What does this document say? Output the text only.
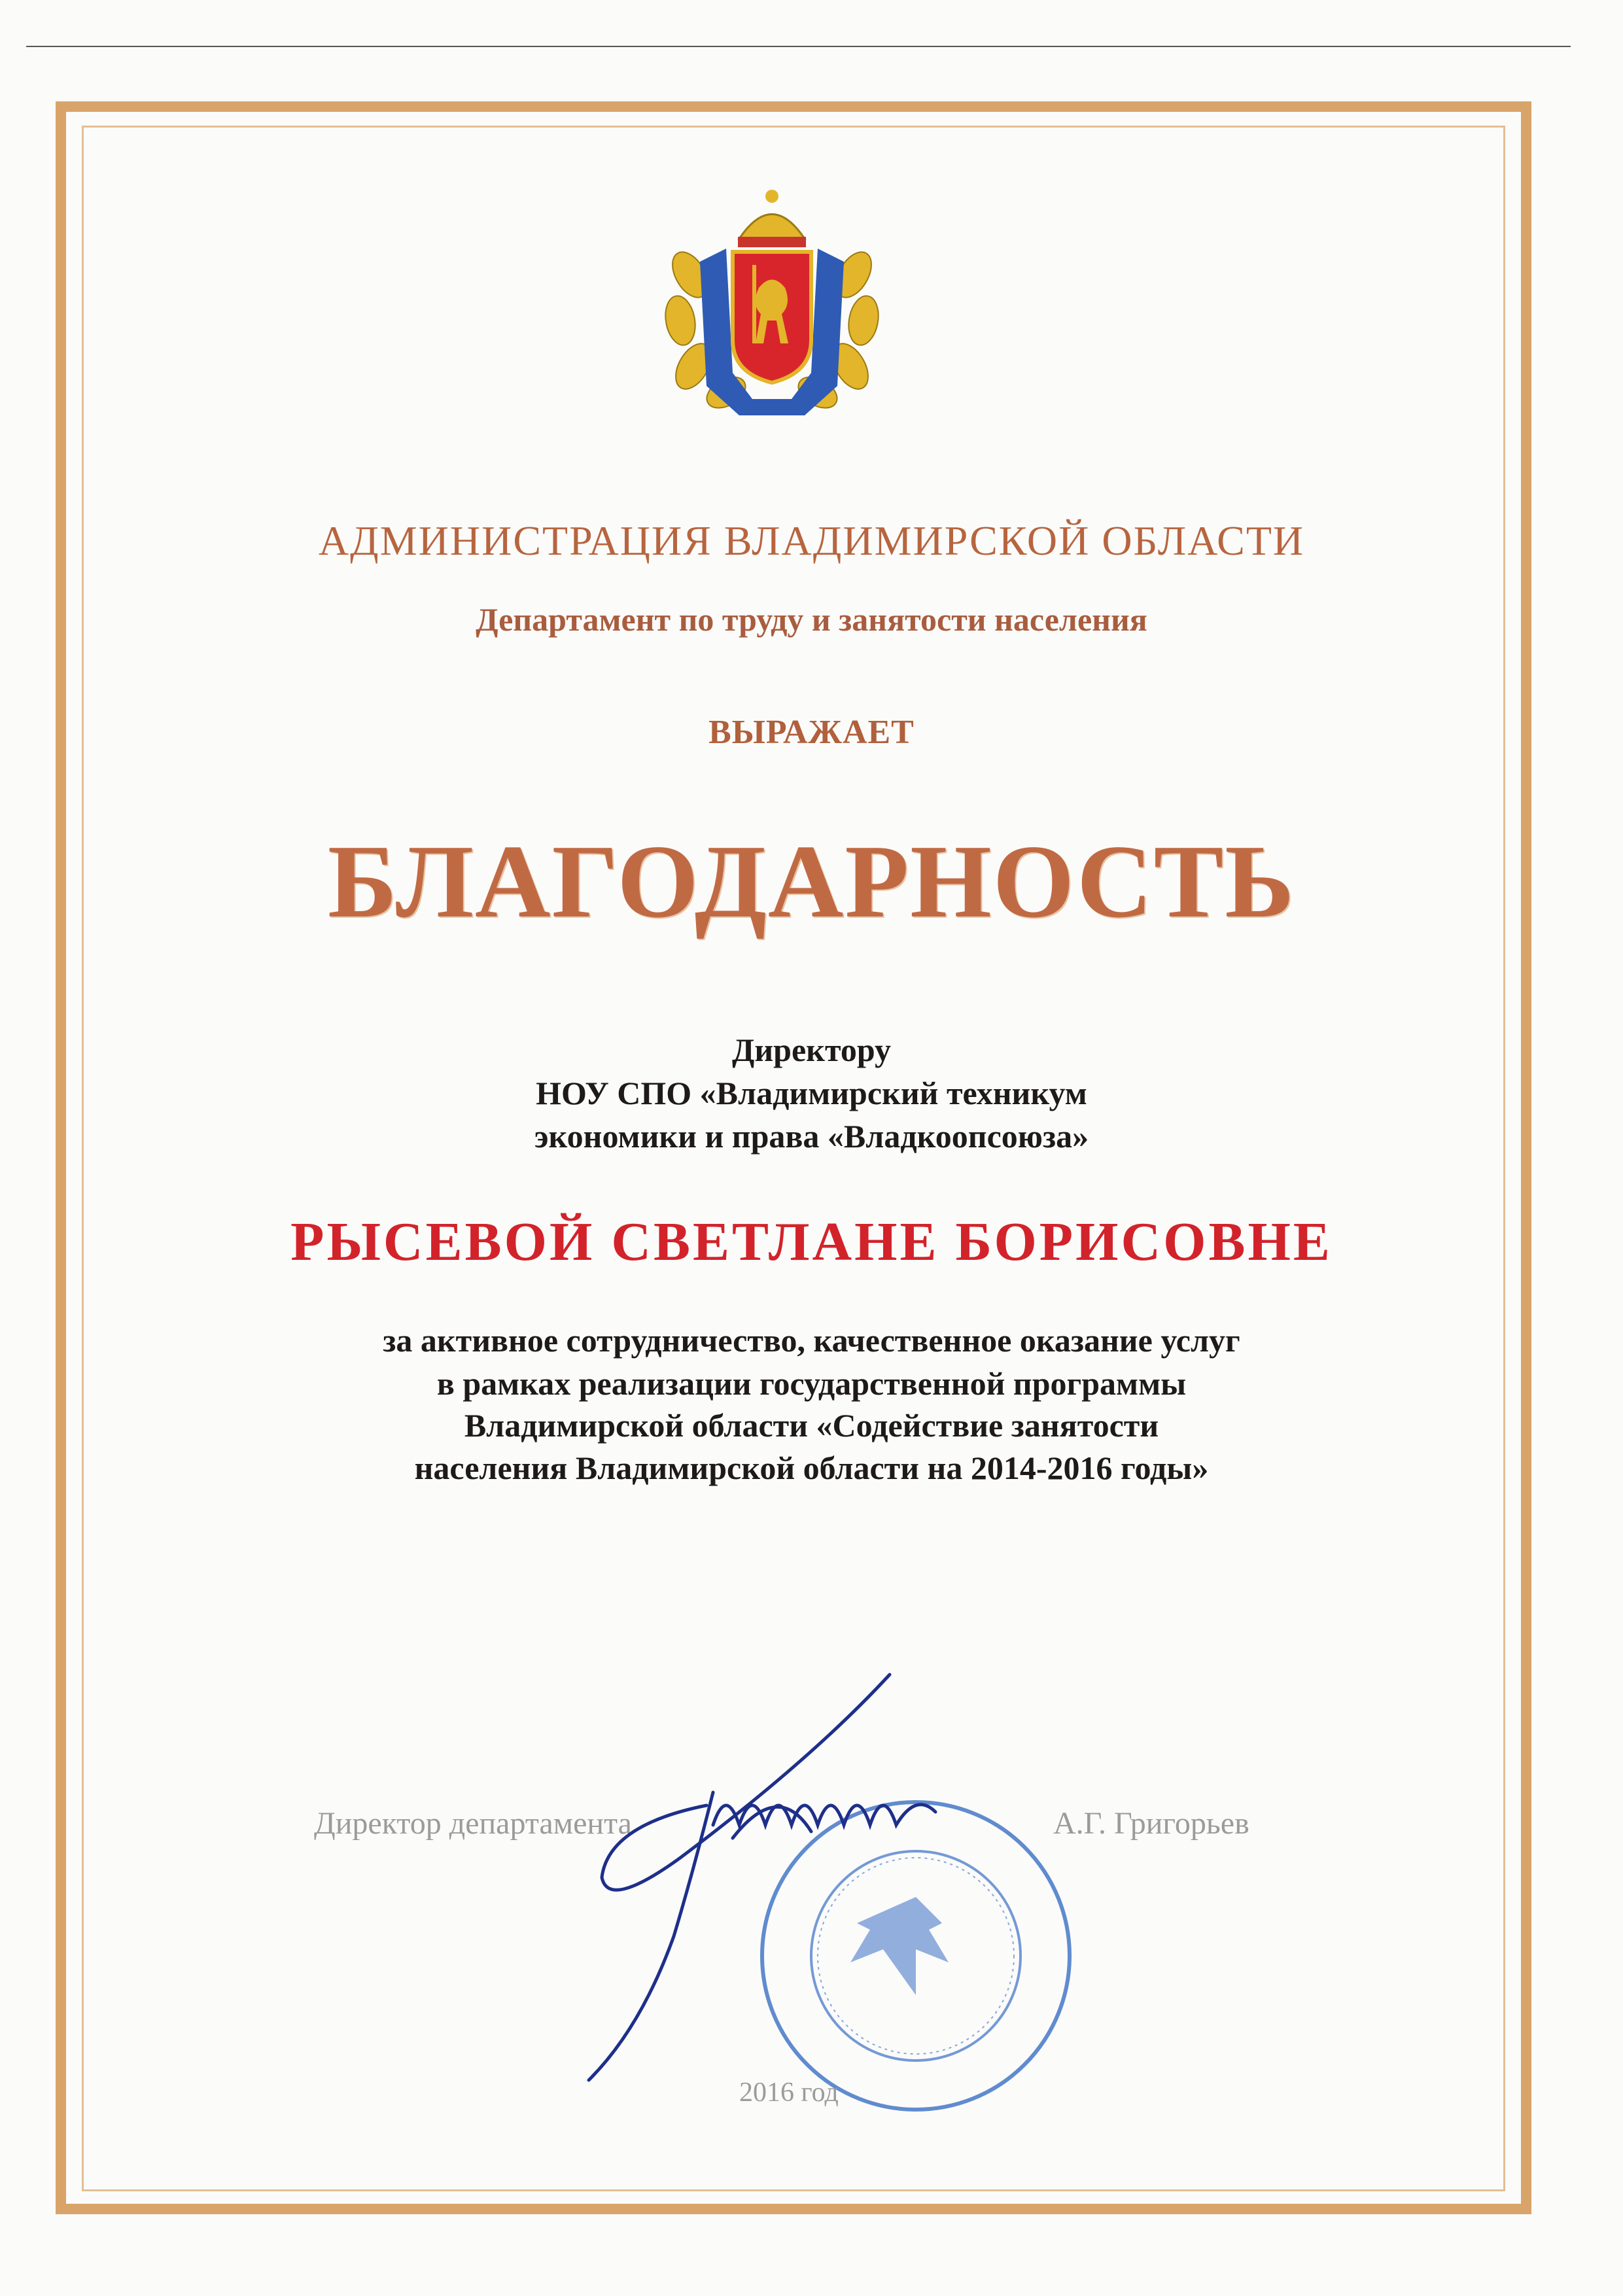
АДМИНИСТРАЦИЯ ВЛАДИМИРСКОЙ ОБЛАСТИ
Департамент по труду и занятости населения
ВЫРАЖАЕТ
БЛАГОДАРНОСТЬ
Директору
НОУ СПО «Владимирский техникум
экономики и права «Владкоопсоюза»
РЫСЕВОЙ СВЕТЛАНЕ БОРИСОВНЕ
за активное сотрудничество, качественное оказание услуг
в рамках реализации государственной программы
Владимирской области «Содействие занятости
населения Владимирской области на 2014-2016 годы»
Директор департамента	А.Г. Григорьев
2016 год
